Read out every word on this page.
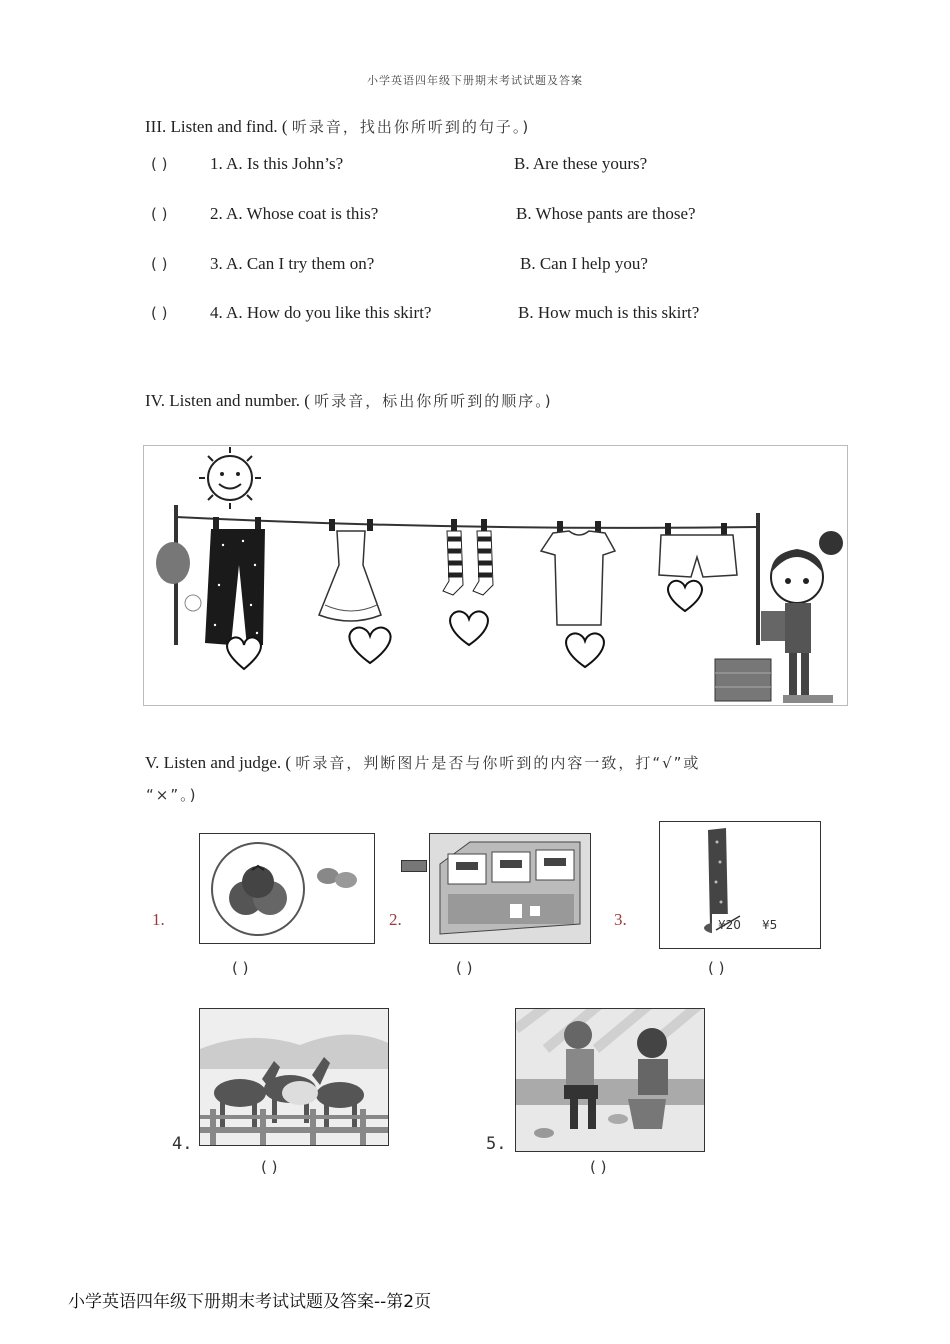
小学英语四年级下册期末考试试题及答案
III. Listen and find. ( 听录音，找出你所听到的句子。)
( )	1. A. Is this John’s?	B. Are these yours?
( )	2. A. Whose coat is this?	B. Whose pants are those?
( )	3. A. Can I try them on?	B. Can I help you?
( )	4. A. How do you like this skirt?	B. How much is this skirt?
IV. Listen and number. ( 听录音，标出你所听到的顺序。)
V. Listen and judge. ( 听录音，判断图片是否与你听到的内容一致，打“√”或
“×”。)
1.
( )
2.
( )
3.	¥20 ¥5
( )
4.
( )
5.
( )
小学英语四年级下册期末考试试题及答案--第2页
